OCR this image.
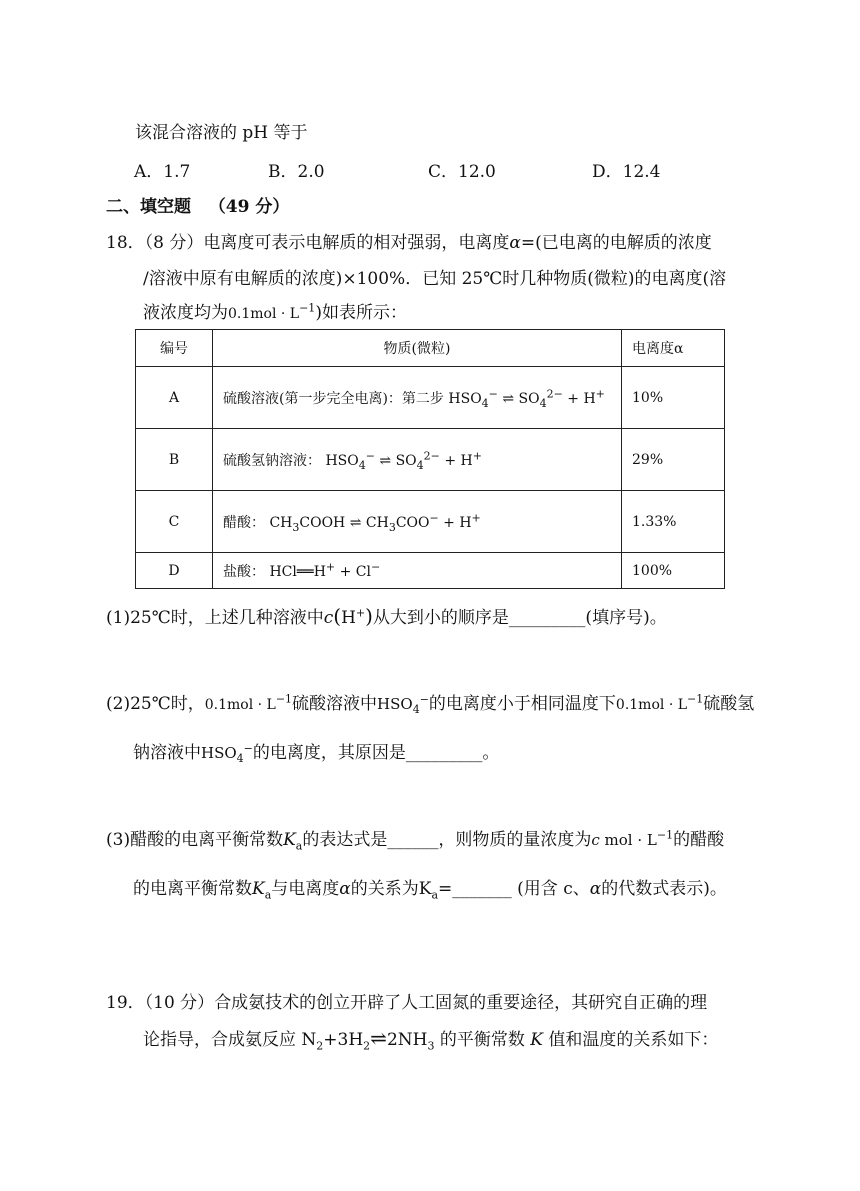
该混合溶液的 pH 等于
A．1.7	B．2.0	C．12.0	D．12.4
二、填空题 （49 分）
18．（8 分）电离度可表示电解质的相对强弱，电离度α=(已电离的电解质的浓度
/溶液中原有电解质的浓度)×100%．已知 25℃时几种物质(微粒)的电离度(溶
液浓度均为$0.1mol \cdot L^{-1}$)如表所示：
编号	物质(微粒)	电离度α
A	硫酸溶液(第一步完全电离)：第二步 $HSO_4^-$ ⇌ $SO_4^{2-} + H^+$	10%
B	硫酸氢钠溶液： $HSO_4^-$ ⇌ $SO_4^{2-} + H^+$	29%
C	醋酸： $CH_3COOH$ ⇌ $CH_3COO^- + H^+$	1.33%
D	盐酸： HCl══H+ + Cl−	100%
(1)25℃时，上述几种溶液中c(H+)从大到小的顺序是_________(填序号)。
(2)25℃时，$0.1mol \cdot L^{-1}$硫酸溶液中$HSO_4^-$的电离度小于相同温度下$0.1mol \cdot L^{-1}$硫酸氢
钠溶液中$HSO_4^-$的电离度，其原因是_________。
(3)醋酸的电离平衡常数$K_a$的表达式是______，则物质的量浓度为c mol · $L^{-1}$的醋酸
的电离平衡常数$K_a$与电离度α的关系为$K_a=\_\_\_\_\_\_\_$ (用含 c、α的代数式表示)。
19．（10 分）合成氨技术的创立开辟了人工固氮的重要途径，其研究自正确的理
论指导，合成氨反应 $N_2+3H_2\rightleftharpoons 2NH_3$ 的平衡常数 K 值和温度的关系如下：
